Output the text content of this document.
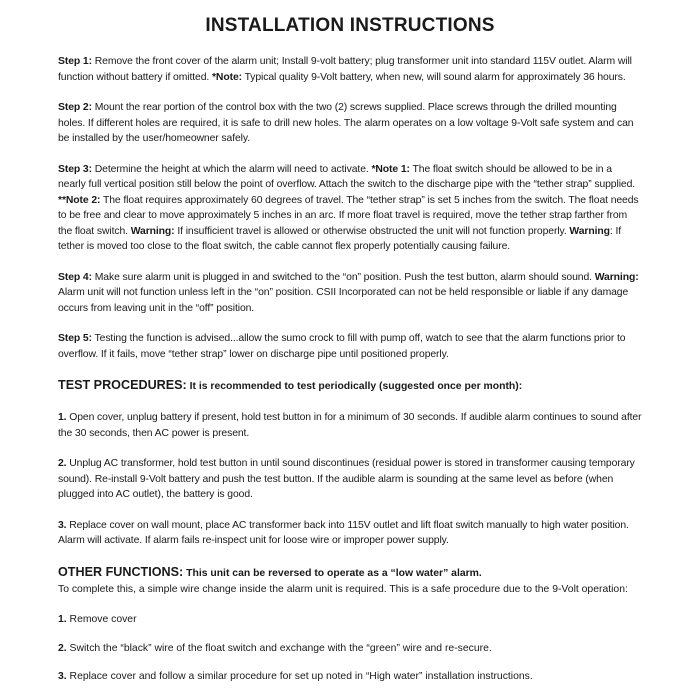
INSTALLATION INSTRUCTIONS

Step 1: Remove the front cover of the alarm unit; Install 9-volt battery; plug transformer unit into standard 115V outlet. Alarm will function without battery if omitted. *Note: Typical quality 9-Volt battery, when new, will sound alarm for approximately 36 hours.

Step 2: Mount the rear portion of the control box with the two (2) screws supplied. Place screws through the drilled mounting holes. If different holes are required, it is safe to drill new holes. The alarm operates on a low voltage 9-Volt safe system and can be installed by the user/homeowner safely.

Step 3: Determine the height at which the alarm will need to activate. *Note 1: The float switch should be allowed to be in a nearly full vertical position still below the point of overflow. Attach the switch to the discharge pipe with the “tether strap” supplied. **Note 2: The float requires approximately 60 degrees of travel. The “tether strap” is set 5 inches from the switch. The float needs to be free and clear to move approximately 5 inches in an arc. If more float travel is required, move the tether strap farther from the float switch. Warning: If insufficient travel is allowed or otherwise obstructed the unit will not function properly. Warning: If tether is moved too close to the float switch, the cable cannot flex properly potentially causing failure.

Step 4: Make sure alarm unit is plugged in and switched to the “on” position. Push the test button, alarm should sound. Warning: Alarm unit will not function unless left in the “on” position. CSII Incorporated can not be held responsible or liable if any damage occurs from leaving unit in the “off” position.

Step 5: Testing the function is advised...allow the sumo crock to fill with pump off, watch to see that the alarm functions prior to overflow. If it fails, move “tether strap” lower on discharge pipe until positioned properly.

TEST PROCEDURES: It is recommended to test periodically (suggested once per month):

1. Open cover, unplug battery if present, hold test button in for a minimum of 30 seconds. If audible alarm continues to sound after the 30 seconds, then AC power is present.

2. Unplug AC transformer, hold test button in until sound discontinues (residual power is stored in transformer causing temporary sound). Re-install 9-Volt battery and push the test button. If the audible alarm is sounding at the same level as before (when plugged into AC outlet), the battery is good.

3. Replace cover on wall mount, place AC transformer back into 115V outlet and lift float switch manually to high water position. Alarm will activate. If alarm fails re-inspect unit for loose wire or improper power supply.

OTHER FUNCTIONS: This unit can be reversed to operate as a “low water” alarm.
To complete this, a simple wire change inside the alarm unit is required. This is a safe procedure due to the 9-Volt operation:

1. Remove cover

2. Switch the “black” wire of the float switch and exchange with the “green” wire and re-secure.

3. Replace cover and follow a similar procedure for set up noted in “High water” installation instructions.
